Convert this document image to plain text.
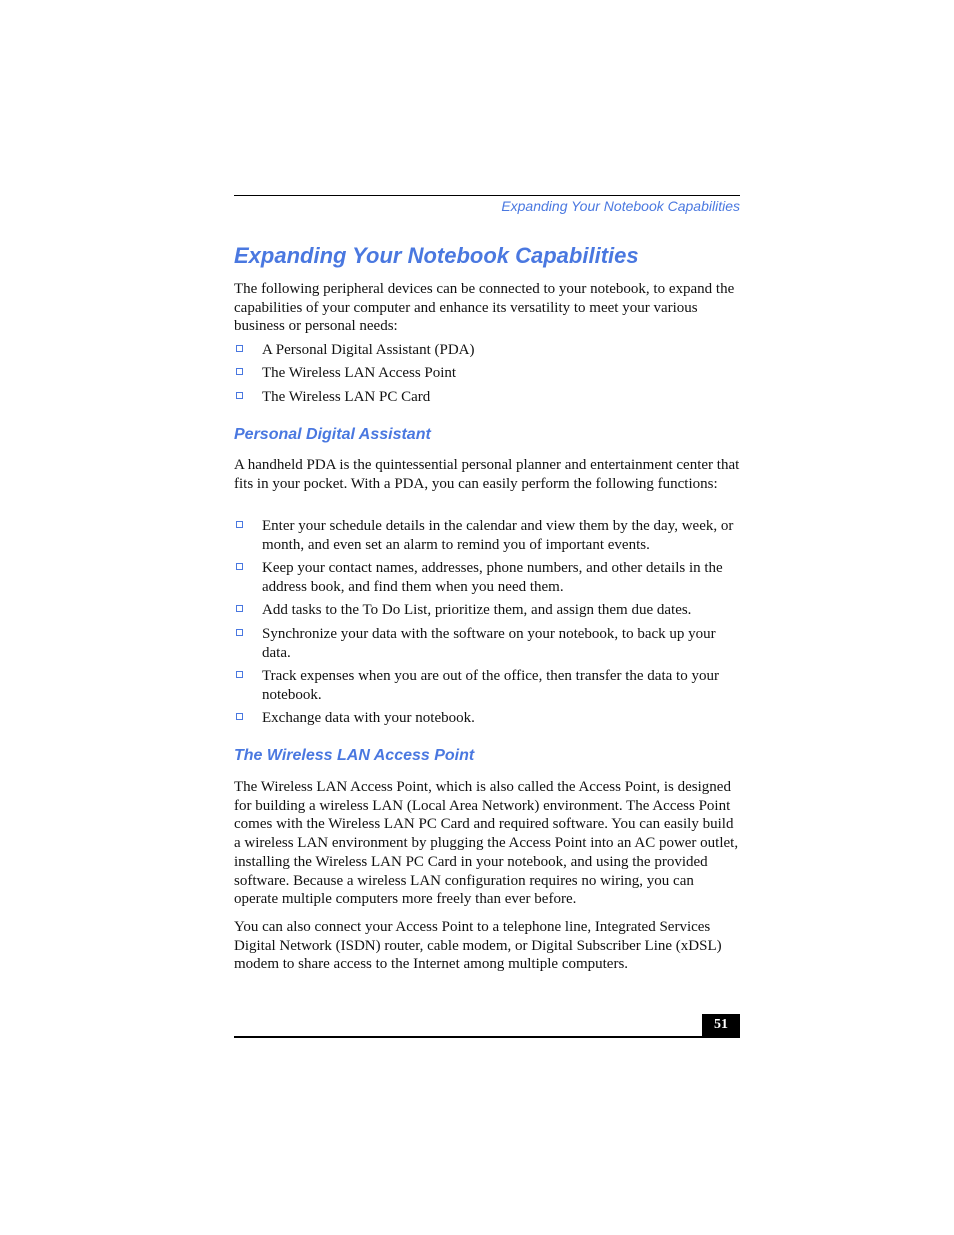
Expanding Your Notebook Capabilities
Expanding Your Notebook Capabilities

The following peripheral devices can be connected to your notebook, to expand the capabilities of your computer and enhance its versatility to meet your various business or personal needs:

A Personal Digital Assistant (PDA)
The Wireless LAN Access Point
The Wireless LAN PC Card
Personal Digital Assistant

A handheld PDA is the quintessential personal planner and entertainment center that fits in your pocket. With a PDA, you can easily perform the following functions:

Enter your schedule details in the calendar and view them by the day, week, or month, and even set an alarm to remind you of important events.
Keep your contact names, addresses, phone numbers, and other details in the address book, and find them when you need them.
Add tasks to the To Do List, prioritize them, and assign them due dates.
Synchronize your data with the software on your notebook, to back up your data.
Track expenses when you are out of the office, then transfer the data to your notebook.
Exchange data with your notebook.
The Wireless LAN Access Point

The Wireless LAN Access Point, which is also called the Access Point, is designed for building a wireless LAN (Local Area Network) environment. The Access Point comes with the Wireless LAN PC Card and required software. You can easily build a wireless LAN environment by plugging the Access Point into an AC power outlet, installing the Wireless LAN PC Card in your notebook, and using the provided software. Because a wireless LAN configuration requires no wiring, you can operate multiple computers more freely than ever before.

You can also connect your Access Point to a telephone line, Integrated Services Digital Network (ISDN) router, cable modem, or Digital Subscriber Line (xDSL) modem to share access to the Internet among multiple computers.

51
